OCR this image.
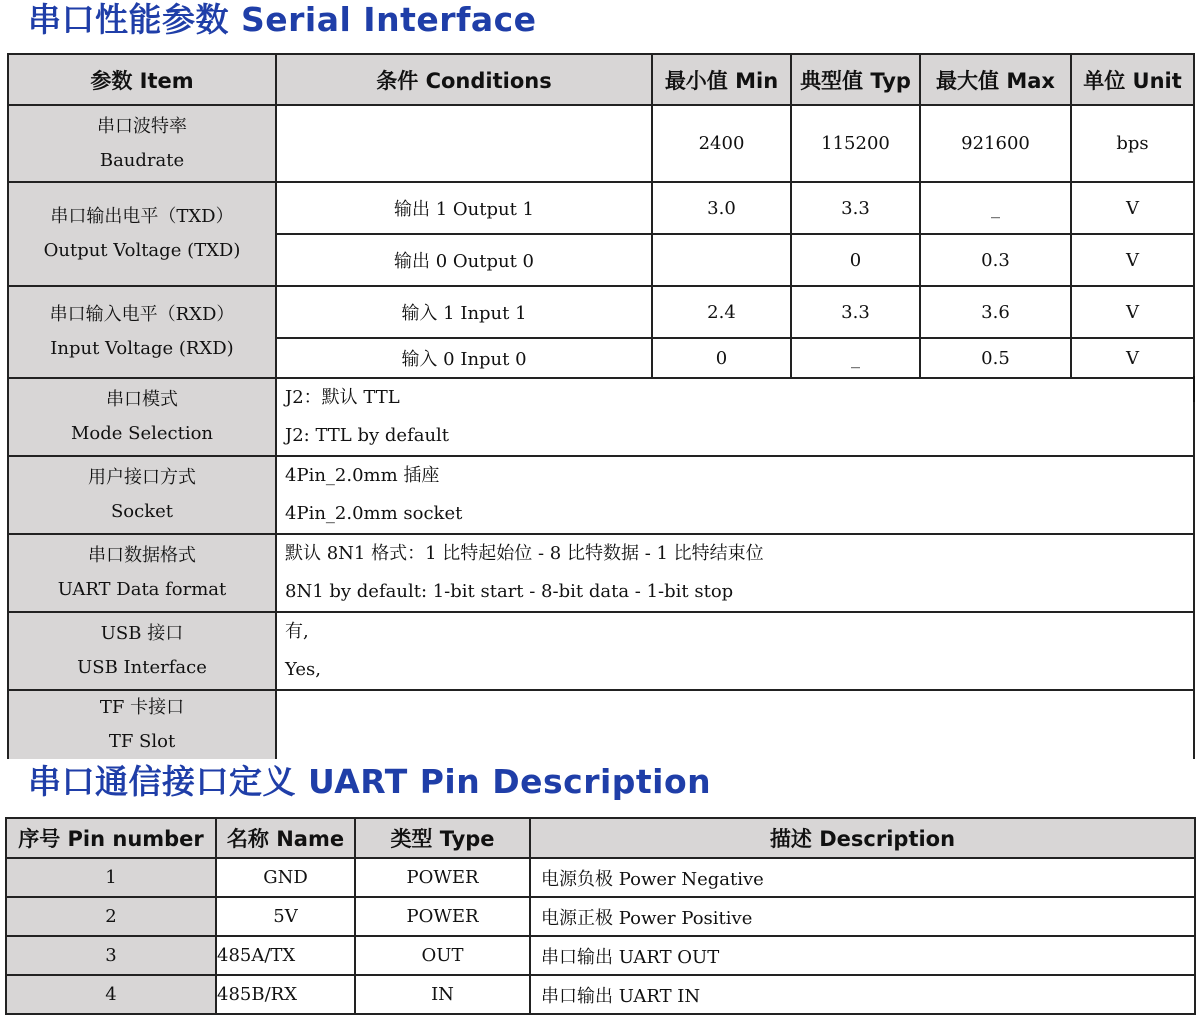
串口性能参数 Serial Interface
参数 Item	条件 Conditions	最小值 Min	典型值 Typ	最大值 Max	单位 Unit

串口波特率
Baudrate		2400	115200	921600	bps

串口输出电平（TXD）
Output Voltage (TXD)	输出 1 Output 1	3.0	3.3	_	V
	输出 0 Output 0		0	0.3	V

串口输入电平（RXD）
Input Voltage (RXD)	输入 1 Input 1	2.4	3.3	3.6	V
	输入 0 Input 0	0	_	0.5	V

串口模式
Mode Selection	J2：默认 TTL
J2: TTL by default				

用户接口方式
Socket	4Pin_2.0mm 插座
4Pin_2.0mm socket				

串口数据格式
UART Data format	默认 8N1 格式：1 比特起始位 - 8 比特数据 - 1 比特结束位
8N1 by default: 1-bit start - 8-bit data - 1-bit stop				

USB 接口
USB Interface	有,
Yes,				

TF 卡接口
TF Slot					

串口通信接口定义 UART Pin Description
序号 Pin number	名称 Name	类型 Type	描述 Description
1	GND	POWER	电源负极 Power Negative
2	5V	POWER	电源正极 Power Positive
3	485A/TX	OUT	串口输出 UART OUT
4	485B/RX	IN	串口输出 UART IN
